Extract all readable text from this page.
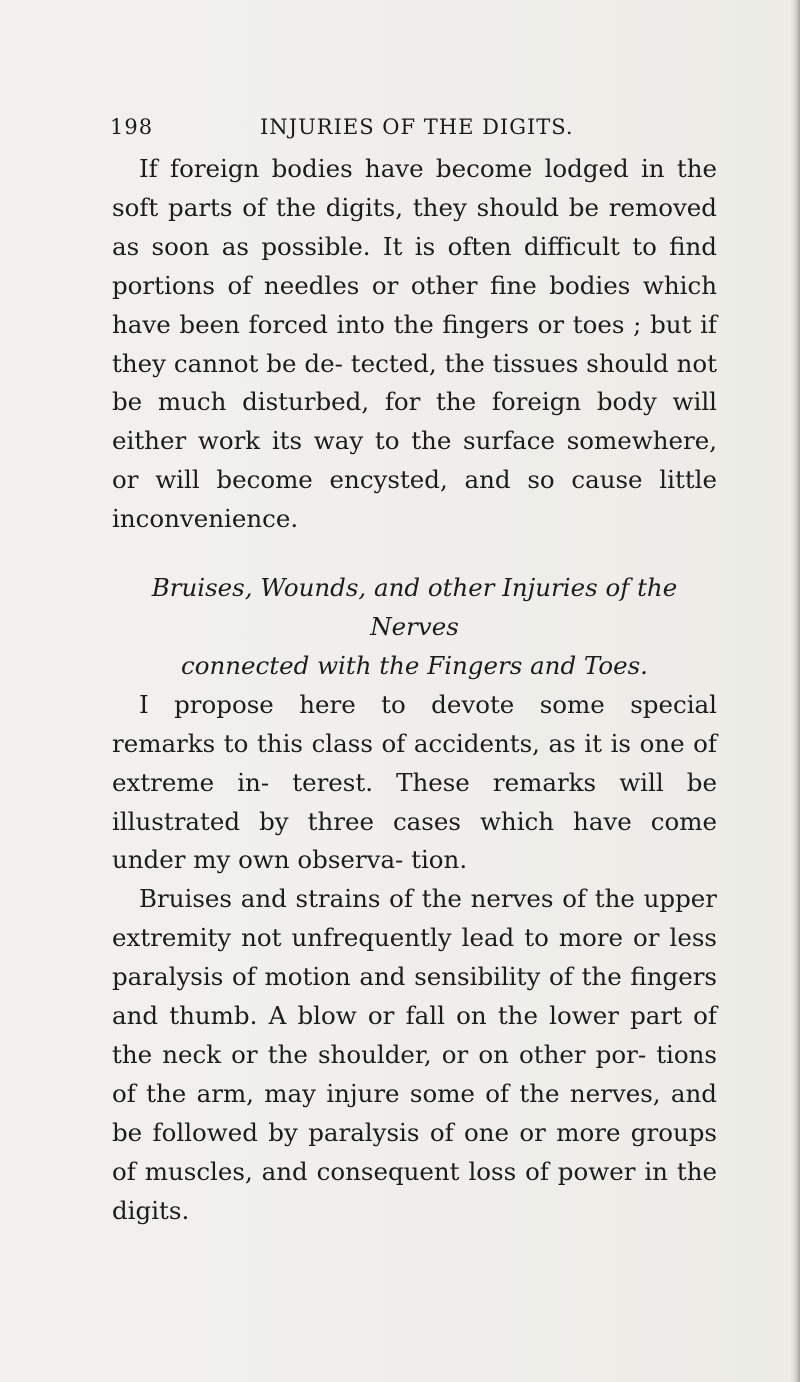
198	INJURIES OF THE DIGITS.

If foreign bodies have become lodged in the soft parts of the digits, they should be removed as soon as possible. It is often difficult to find portions of needles or other fine bodies which have been forced into the fingers or toes ; but if they cannot be de- tected, the tissues should not be much disturbed, for the foreign body will either work its way to the surface somewhere, or will become encysted, and so cause little inconvenience.

Bruises, Wounds, and other Injuries of the Nerves
connected with the Fingers and Toes.

I propose here to devote some special remarks to this class of accidents, as it is one of extreme in- terest. These remarks will be illustrated by three cases which have come under my own observa- tion.

Bruises and strains of the nerves of the upper extremity not unfrequently lead to more or less paralysis of motion and sensibility of the fingers and thumb. A blow or fall on the lower part of the neck or the shoulder, or on other por- tions of the arm, may injure some of the nerves, and be followed by paralysis of one or more groups of muscles, and consequent loss of power in the digits.
